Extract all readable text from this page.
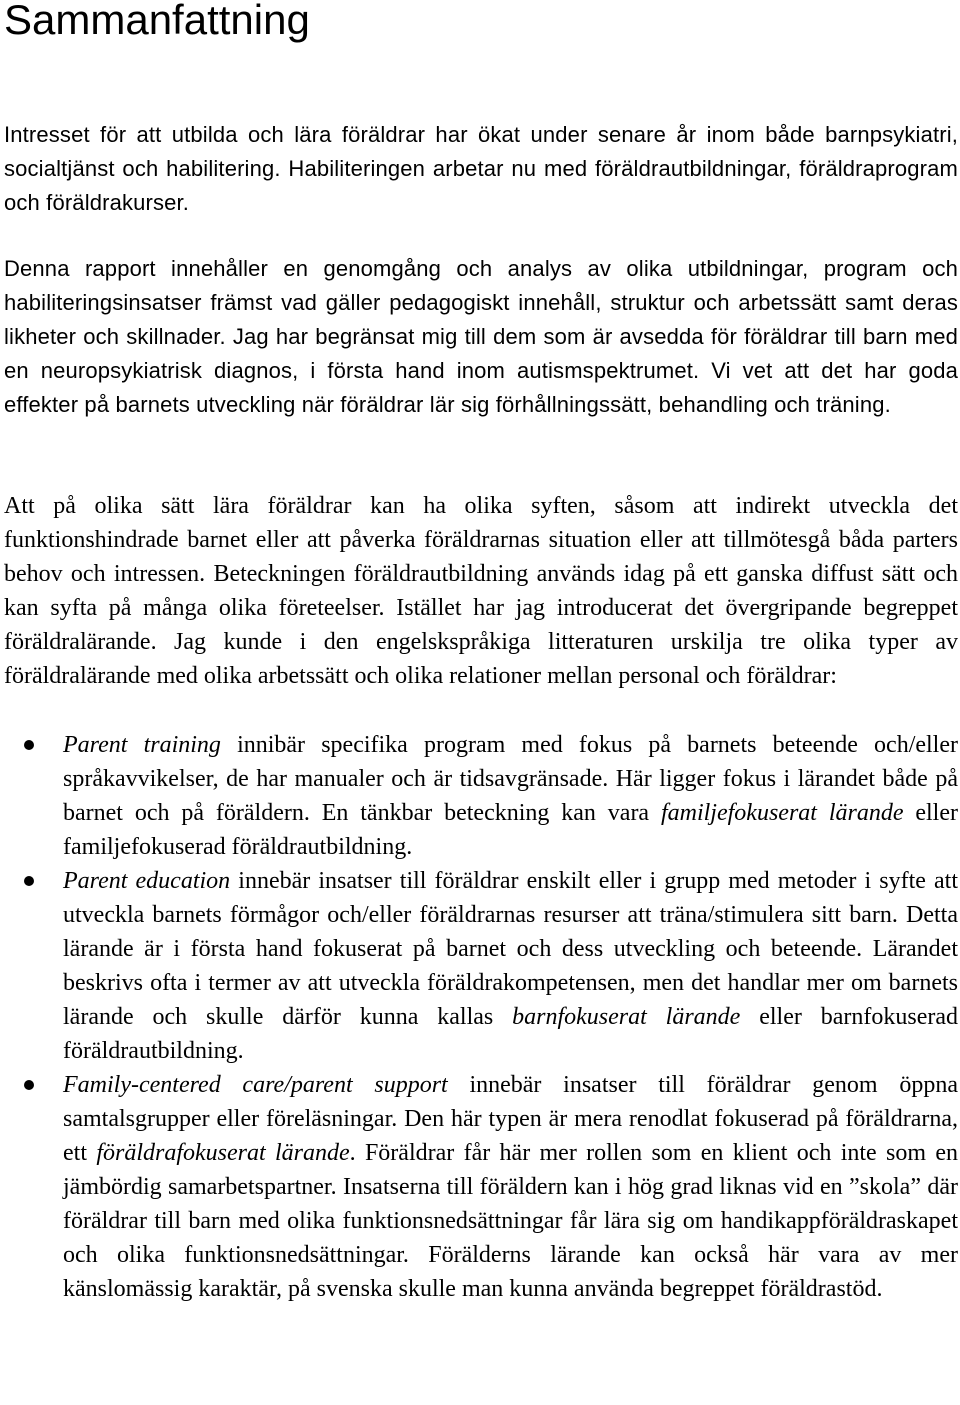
Sammanfattning

Intresset för att utbilda och lära föräldrar har ökat under senare år inom både barnpsykiatri, socialtjänst och habilitering. Habiliteringen arbetar nu med föräldrautbildningar, föräldraprogram och föräldrakurser.

Denna rapport innehåller en genomgång och analys av olika utbildningar, program och habiliteringsinsatser främst vad gäller pedagogiskt innehåll, struktur och arbetssätt samt deras likheter och skillnader. Jag har begränsat mig till dem som är avsedda för föräldrar till barn med en neuropsykiatrisk diagnos, i första hand inom autismspektrumet. Vi vet att det har goda effekter på barnets utveckling när föräldrar lär sig förhållningssätt, behandling och träning.

Att på olika sätt lära föräldrar kan ha olika syften, såsom att indirekt utveckla det funktionshindrade barnet eller att påverka föräldrarnas situation eller att tillmötesgå båda parters behov och intressen. Beteckningen föräldrautbildning används idag på ett ganska diffust sätt och kan syfta på många olika företeelser. Istället har jag introducerat det övergripande begreppet föräldralärande. Jag kunde i den engelskspråkiga litteraturen urskilja tre olika typer av föräldralärande med olika arbetssätt och olika relationer mellan personal och föräldrar:

Parent training innibär specifika program med fokus på barnets beteende och/eller språkavvikelser, de har manualer och är tidsavgränsade. Här ligger fokus i lärandet både på barnet och på föräldern. En tänkbar beteckning kan vara familjefokuserat lärande eller familjefokuserad föräldrautbildning.
Parent education innebär insatser till föräldrar enskilt eller i grupp med metoder i syfte att utveckla barnets förmågor och/eller föräldrarnas resurser att träna/stimulera sitt barn. Detta lärande är i första hand fokuserat på barnet och dess utveckling och beteende. Lärandet beskrivs ofta i termer av att utveckla föräldrakompetensen, men det handlar mer om barnets lärande och skulle därför kunna kallas barnfokuserat lärande eller barnfokuserad föräldrautbildning.
Family-centered care/parent support innebär insatser till föräldrar genom öppna samtalsgrupper eller föreläsningar. Den här typen är mera renodlat fokuserad på föräldrarna, ett föräldrafokuserat lärande. Föräldrar får här mer rollen som en klient och inte som en jämbördig samarbetspartner. Insatserna till föräldern kan i hög grad liknas vid en ”skola” där föräldrar till barn med olika funktionsnedsättningar får lära sig om handikappföräldraskapet och olika funktionsnedsättningar. Förälderns lärande kan också här vara av mer känslomässig karaktär, på svenska skulle man kunna använda begreppet föräldrastöd.
